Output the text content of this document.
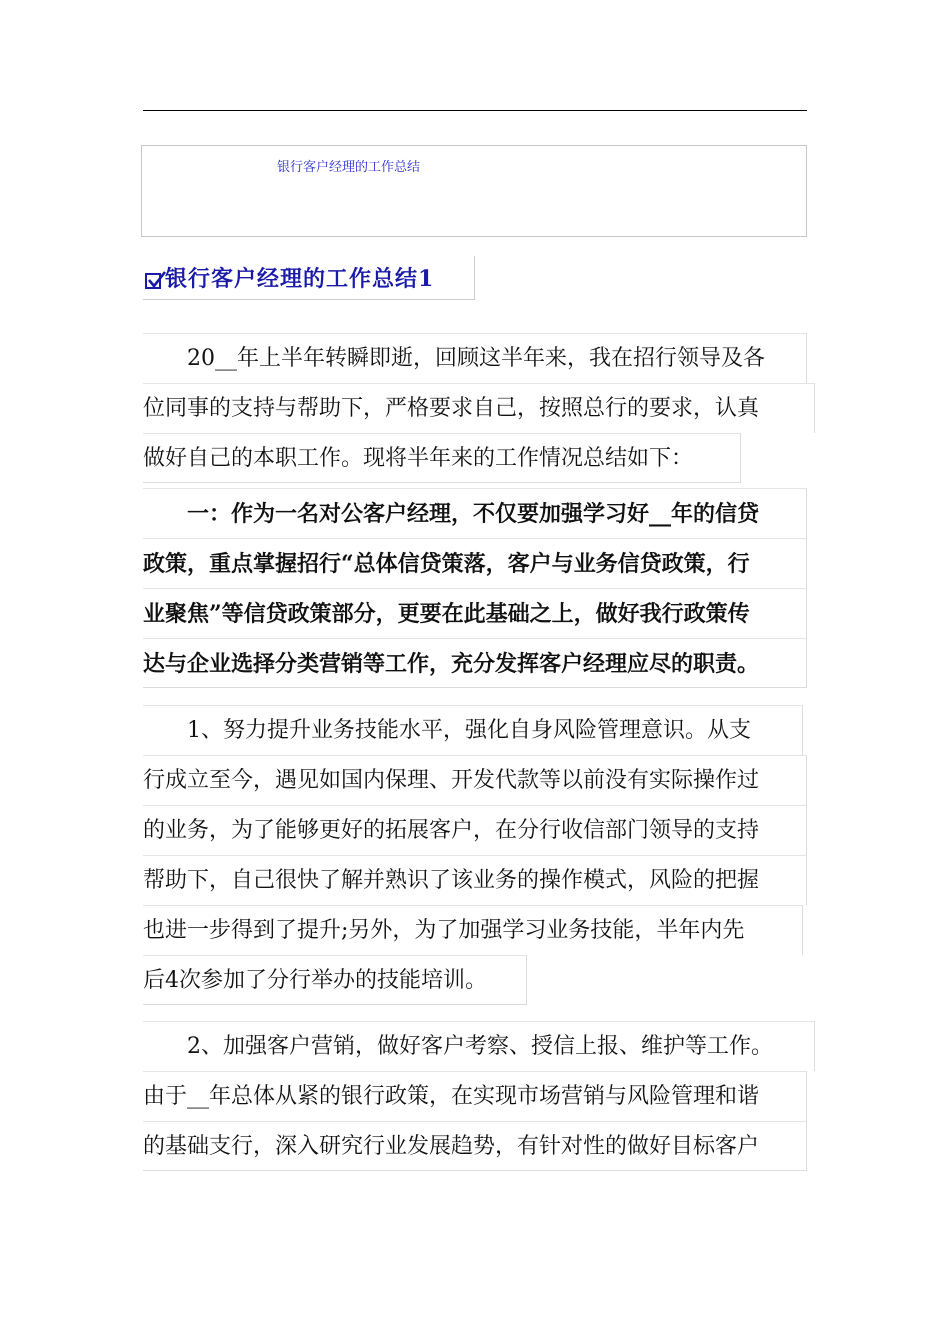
银行客户经理的工作总结
银行客户经理的工作总结1
　　20__年上半年转瞬即逝，回顾这半年来，我在招行领导及各
位同事的支持与帮助下，严格要求自己，按照总行的要求，认真
做好自己的本职工作。现将半年来的工作情况总结如下：
　　一：作为一名对公客户经理，不仅要加强学习好__年的信贷
政策，重点掌握招行“总体信贷策落，客户与业务信贷政策，行
业聚焦”等信贷政策部分，更要在此基础之上，做好我行政策传
达与企业选择分类营销等工作，充分发挥客户经理应尽的职责。
　　1、努力提升业务技能水平，强化自身风险管理意识。从支
行成立至今，遇见如国内保理、开发代款等以前没有实际操作过
的业务，为了能够更好的拓展客户，在分行收信部门领导的支持
帮助下，自己很快了解并熟识了该业务的操作模式，风险的把握
也进一步得到了提升;另外，为了加强学习业务技能，半年内先
后4次参加了分行举办的技能培训。
　　2、加强客户营销，做好客户考察、授信上报、维护等工作。
由于__年总体从紧的银行政策，在实现市场营销与风险管理和谐
的基础支行，深入研究行业发展趋势，有针对性的做好目标客户
